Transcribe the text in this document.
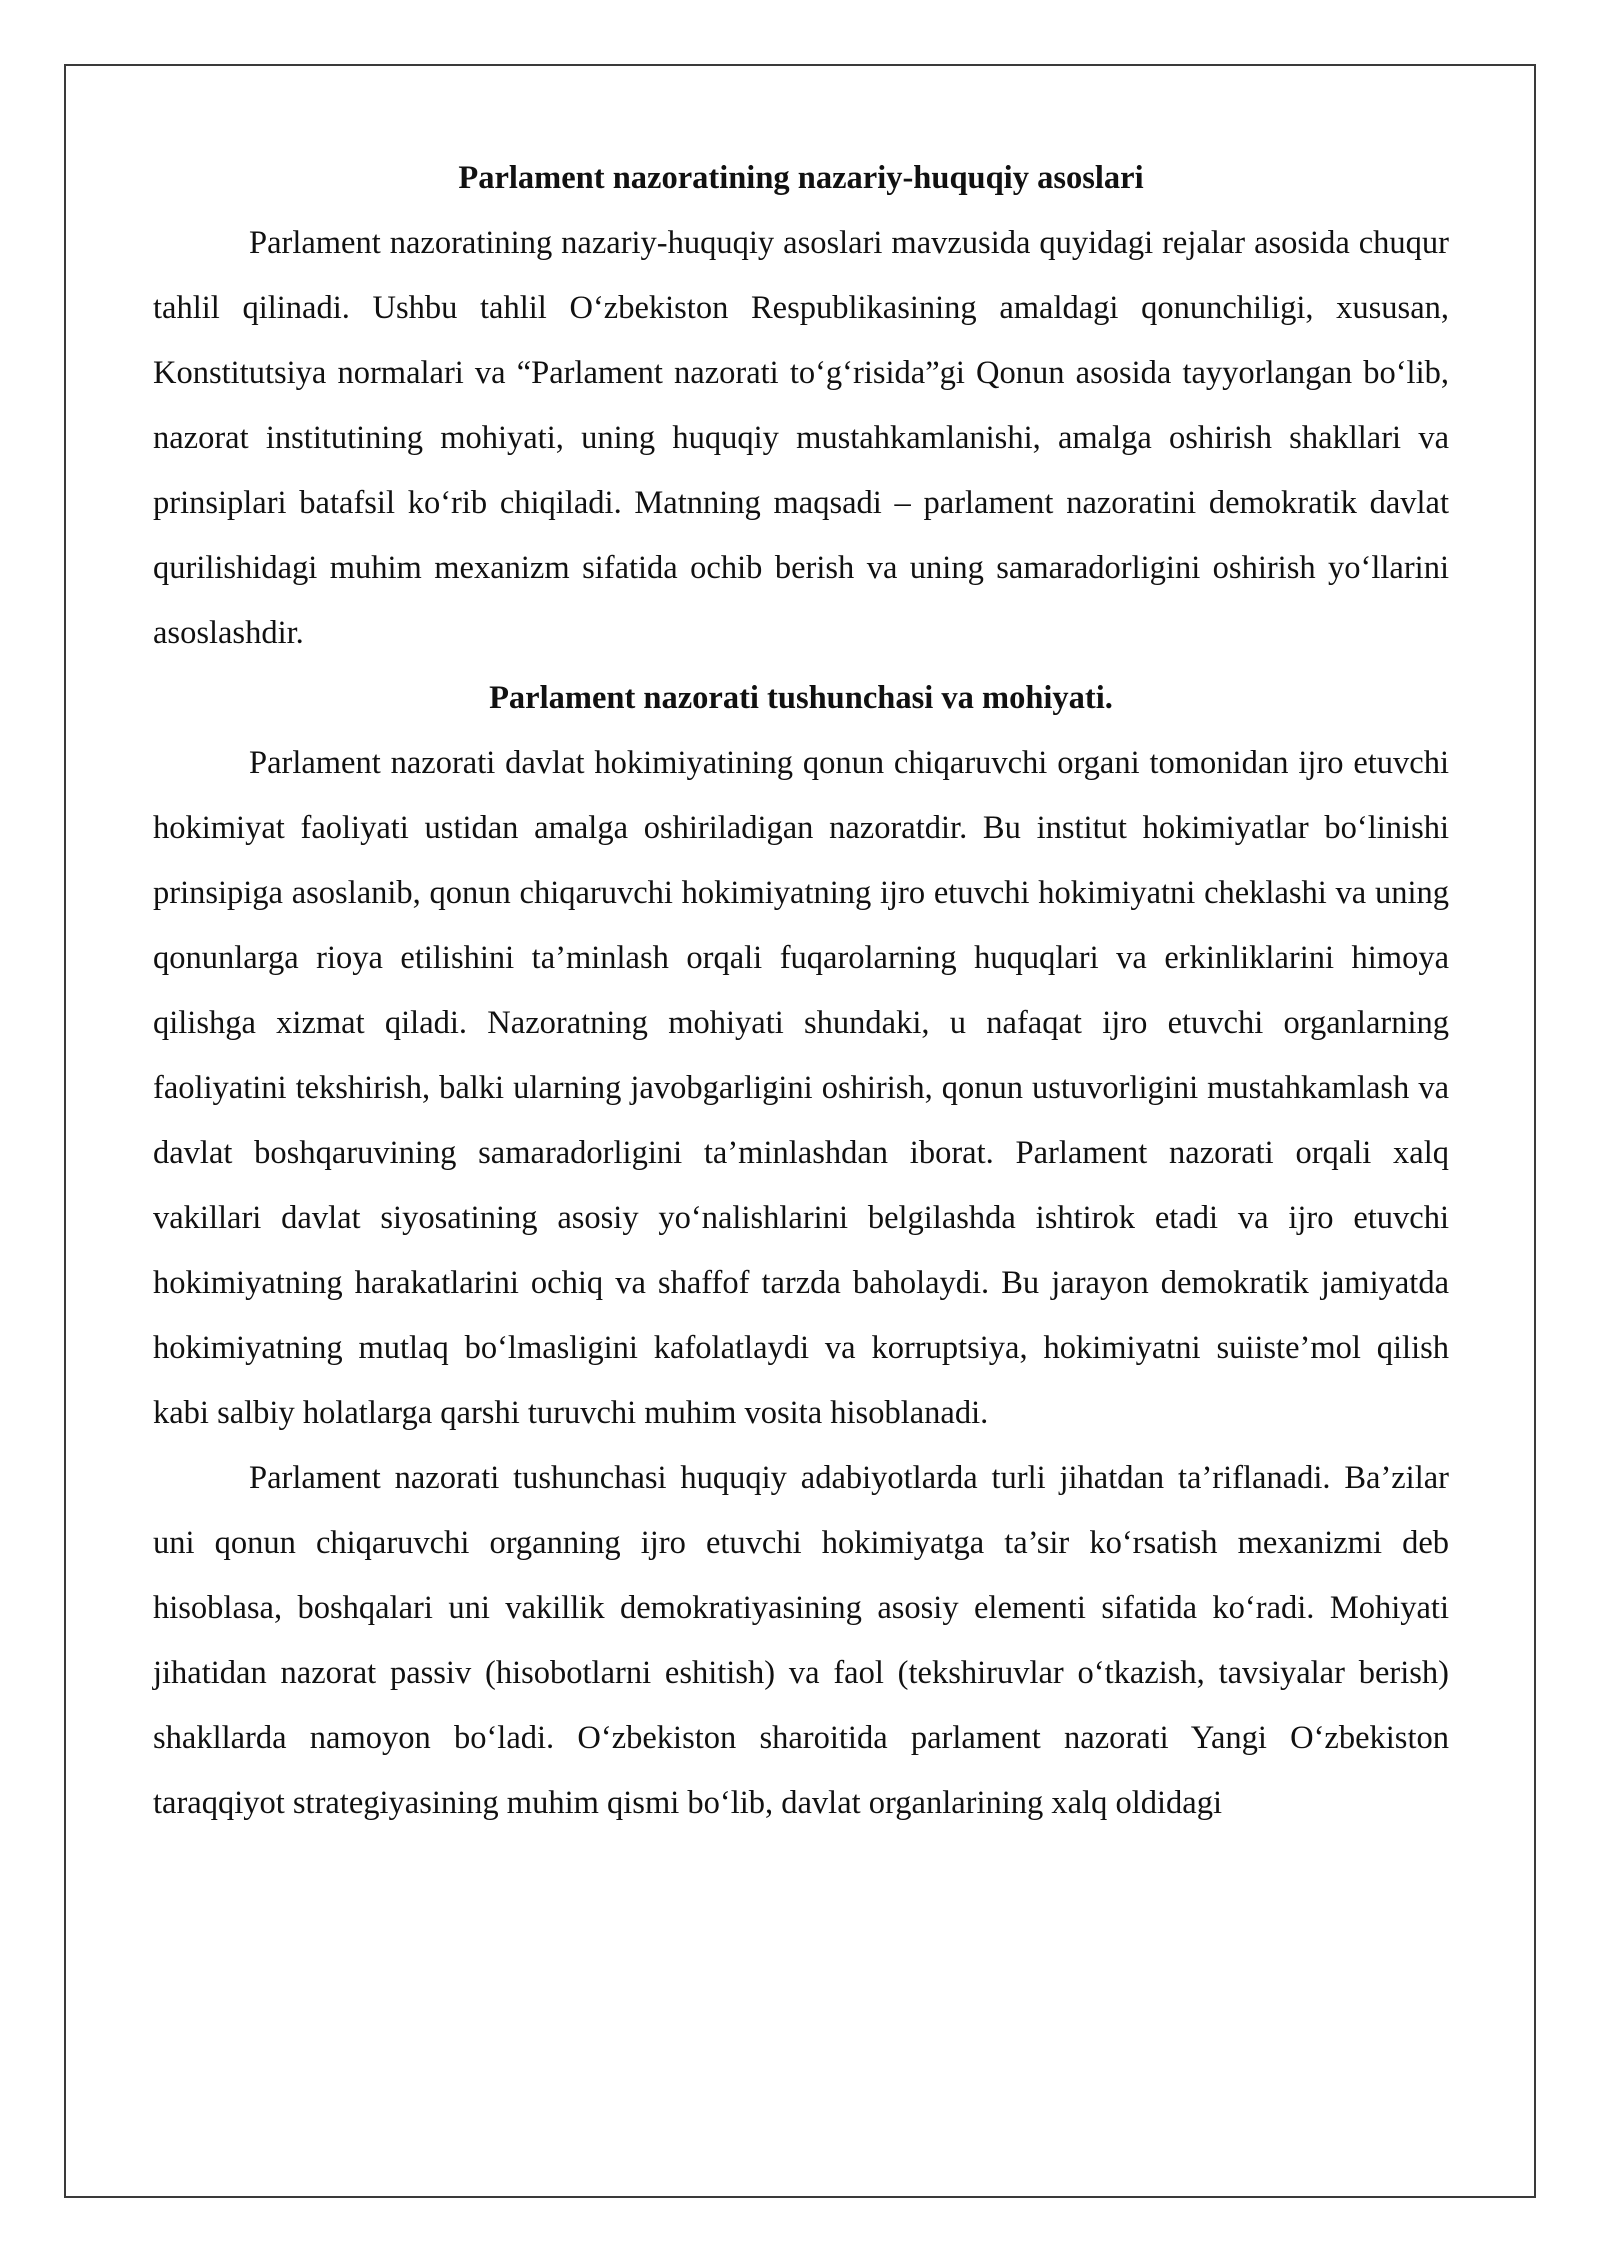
Parlament nazoratining nazariy-huquqiy asoslari

Parlament nazoratining nazariy-huquqiy asoslari mavzusida quyidagi rejalar asosida chuqur tahlil qilinadi. Ushbu tahlil O‘zbekiston Respublikasining amaldagi qonunchiligi, xususan, Konstitutsiya normalari va “Parlament nazorati to‘g‘risida”gi Qonun asosida tayyorlangan bo‘lib, nazorat institutining mohiyati, uning huquqiy mustahkamlanishi, amalga oshirish shakllari va prinsiplari batafsil ko‘rib chiqiladi. Matnning maqsadi – parlament nazoratini demokratik davlat qurilishidagi muhim mexanizm sifatida ochib berish va uning samaradorligini oshirish yo‘llarini asoslashdir.

Parlament nazorati tushunchasi va mohiyati.

Parlament nazorati davlat hokimiyatining qonun chiqaruvchi organi tomonidan ijro etuvchi hokimiyat faoliyati ustidan amalga oshiriladigan nazoratdir. Bu institut hokimiyatlar bo‘linishi prinsipiga asoslanib, qonun chiqaruvchi hokimiyatning ijro etuvchi hokimiyatni cheklashi va uning qonunlarga rioya etilishini ta’minlash orqali fuqarolarning huquqlari va erkinliklarini himoya qilishga xizmat qiladi. Nazoratning mohiyati shundaki, u nafaqat ijro etuvchi organlarning faoliyatini tekshirish, balki ularning javobgarligini oshirish, qonun ustuvorligini mustahkamlash va davlat boshqaruvining samaradorligini ta’minlashdan iborat. Parlament nazorati orqali xalq vakillari davlat siyosatining asosiy yo‘nalishlarini belgilashda ishtirok etadi va ijro etuvchi hokimiyatning harakatlarini ochiq va shaffof tarzda baholaydi. Bu jarayon demokratik jamiyatda hokimiyatning mutlaq bo‘lmasligini kafolatlaydi va korruptsiya, hokimiyatni suiiste’mol qilish kabi salbiy holatlarga qarshi turuvchi muhim vosita hisoblanadi.

Parlament nazorati tushunchasi huquqiy adabiyotlarda turli jihatdan ta’riflanadi. Ba’zilar uni qonun chiqaruvchi organning ijro etuvchi hokimiyatga ta’sir ko‘rsatish mexanizmi deb hisoblasa, boshqalari uni vakillik demokratiyasining asosiy elementi sifatida ko‘radi. Mohiyati jihatidan nazorat passiv (hisobotlarni eshitish) va faol (tekshiruvlar o‘tkazish, tavsiyalar berish) shakllarda namoyon bo‘ladi. O‘zbekiston sharoitida parlament nazorati Yangi O‘zbekiston taraqqiyot strategiyasining muhim qismi bo‘lib, davlat organlarining xalq oldidagi
